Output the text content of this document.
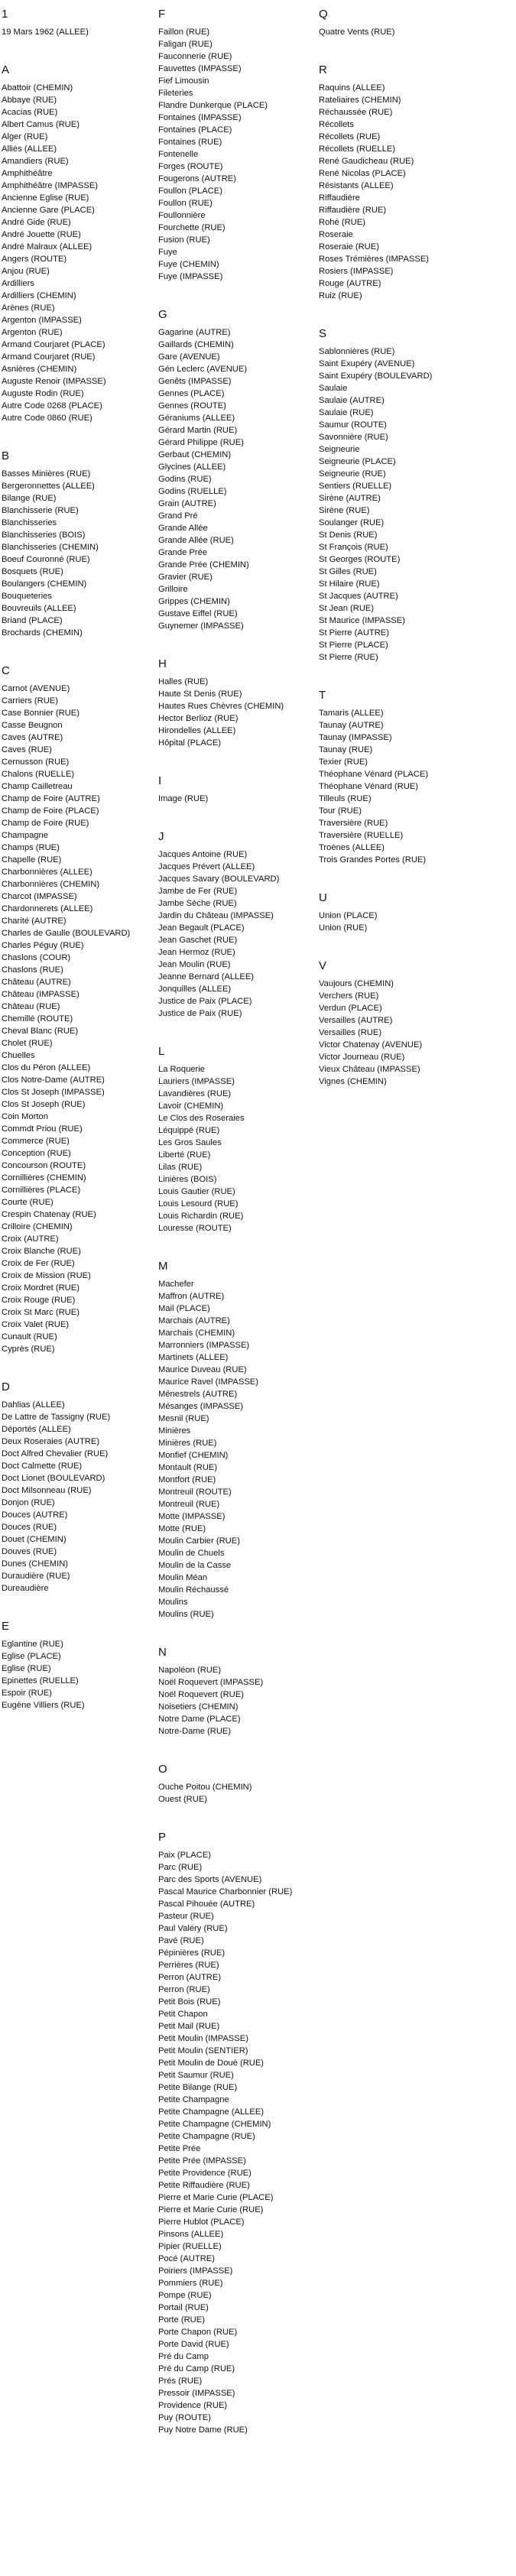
1
19 Mars 1962 (ALLEE)
A
Abattoir (CHEMIN)
Abbaye (RUE)
Acacias (RUE)
Albert Camus (RUE)
Alger (RUE)
Alliés (ALLEE)
Amandiers (RUE)
Amphithéâtre
Amphithéâtre (IMPASSE)
Ancienne Eglise (RUE)
Ancienne Gare (PLACE)
André Gide (RUE)
André Jouette (RUE)
André Malraux (ALLEE)
Angers (ROUTE)
Anjou (RUE)
Ardilliers
Ardilliers (CHEMIN)
Arènes (RUE)
Argenton (IMPASSE)
Argenton (RUE)
Armand Courjaret (PLACE)
Armand Courjaret (RUE)
Asnières (CHEMIN)
Auguste Renoir (IMPASSE)
Auguste Rodin (RUE)
Autre Code 0268 (PLACE)
Autre Code 0860 (RUE)
B
Basses Minières (RUE)
Bergeronnettes (ALLEE)
Bilange (RUE)
Blanchisserie (RUE)
Blanchisseries
Blanchisseries (BOIS)
Blanchisseries (CHEMIN)
Boeuf Couronné (RUE)
Bosquets (RUE)
Boulangers (CHEMIN)
Bouqueteries
Bouvreuils (ALLEE)
Briand (PLACE)
Brochards (CHEMIN)
C
Carnot (AVENUE)
Carriers (RUE)
Case Bonnier (RUE)
Casse Beugnon
Caves (AUTRE)
Caves (RUE)
Cernusson (RUE)
Chalons (RUELLE)
Champ Cailletreau
Champ de Foire (AUTRE)
Champ de Foire (PLACE)
Champ de Foire (RUE)
Champagne
Champs (RUE)
Chapelle (RUE)
Charbonnières (ALLEE)
Charbonnières (CHEMIN)
Charcot (IMPASSE)
Chardonnerets (ALLEE)
Charité (AUTRE)
Charles de Gaulle (BOULEVARD)
Charles Péguy (RUE)
Chaslons (COUR)
Chaslons (RUE)
Château (AUTRE)
Château (IMPASSE)
Château (RUE)
Chemillé (ROUTE)
Cheval Blanc (RUE)
Cholet (RUE)
Chuelles
Clos du Péron (ALLEE)
Clos Notre-Dame (AUTRE)
Clos St Joseph (IMPASSE)
Clos St Joseph (RUE)
Coin Morton
Commdt Priou (RUE)
Commerce (RUE)
Conception (RUE)
Concourson (ROUTE)
Cornillières (CHEMIN)
Cornillières (PLACE)
Courte (RUE)
Crespin Chatenay (RUE)
Crilloire (CHEMIN)
Croix (AUTRE)
Croix Blanche (RUE)
Croix de Fer (RUE)
Croix de Mission (RUE)
Croix Mordret (RUE)
Croix Rouge (RUE)
Croix St Marc (RUE)
Croix Valet (RUE)
Cunault (RUE)
Cyprès (RUE)
D
Dahlias (ALLEE)
De Lattre de Tassigny (RUE)
Déportés (ALLEE)
Deux Roseraies (AUTRE)
Doct Alfred Chevalier (RUE)
Doct Calmette (RUE)
Doct Lionet (BOULEVARD)
Doct Milsonneau (RUE)
Donjon (RUE)
Douces (AUTRE)
Douces (RUE)
Douet (CHEMIN)
Douves (RUE)
Dunes (CHEMIN)
Duraudière (RUE)
Dureaudière
E
Eglantine (RUE)
Eglise (PLACE)
Eglise (RUE)
Epinettes (RUELLE)
Espoir (RUE)
Eugène Villiers (RUE)
F
Faillon (RUE)
Faligan (RUE)
Fauconnerie (RUE)
Fauvettes (IMPASSE)
Fief Limousin
Fileteries
Flandre Dunkerque (PLACE)
Fontaines (IMPASSE)
Fontaines (PLACE)
Fontaines (RUE)
Fontenelle
Forges (ROUTE)
Fougerons (AUTRE)
Foullon (PLACE)
Foullon (RUE)
Foullonnière
Fourchette (RUE)
Fusion (RUE)
Fuye
Fuye (CHEMIN)
Fuye (IMPASSE)
G
Gagarine (AUTRE)
Gaillards (CHEMIN)
Gare (AVENUE)
Gén Leclerc (AVENUE)
Genêts (IMPASSE)
Gennes (PLACE)
Gennes (ROUTE)
Géraniums (ALLEE)
Gérard Martin (RUE)
Gérard Philippe (RUE)
Gerbaut (CHEMIN)
Glycines (ALLEE)
Godins (RUE)
Godins (RUELLE)
Grain (AUTRE)
Grand Pré
Grande Allée
Grande Allée (RUE)
Grande Prée
Grande Prée (CHEMIN)
Gravier (RUE)
Grilloire
Grippes (CHEMIN)
Gustave Eiffel (RUE)
Guynemer (IMPASSE)
H
Halles (RUE)
Haute St Denis (RUE)
Hautes Rues Chèvres (CHEMIN)
Hector Berlioz (RUE)
Hirondelles (ALLEE)
Hôpital (PLACE)
I
Image (RUE)
J
Jacques Antoine (RUE)
Jacques Prévert (ALLEE)
Jacques Savary (BOULEVARD)
Jambe de Fer (RUE)
Jambe Sèche (RUE)
Jardin du Château (IMPASSE)
Jean Begault (PLACE)
Jean Gaschet (RUE)
Jean Hermoz (RUE)
Jean Moulin (RUE)
Jeanne Bernard (ALLEE)
Jonquilles (ALLEE)
Justice de Paix (PLACE)
Justice de Paix (RUE)
L
La Roquerie
Lauriers (IMPASSE)
Lavandières (RUE)
Lavoir (CHEMIN)
Le Clos des Roseraies
Léquippé (RUE)
Les Gros Saules
Liberté (RUE)
Lilas (RUE)
Linières (BOIS)
Louis Gautier (RUE)
Louis Lesourd (RUE)
Louis Richardin (RUE)
Louresse (ROUTE)
M
Machefer
Maffron (AUTRE)
Mail (PLACE)
Marchais (AUTRE)
Marchais (CHEMIN)
Marronniers (IMPASSE)
Martinets (ALLEE)
Maurice Duveau (RUE)
Maurice Ravel (IMPASSE)
Ménestrels (AUTRE)
Mésanges (IMPASSE)
Mesnil (RUE)
Minières
Minières (RUE)
Monfief (CHEMIN)
Montault (RUE)
Montfort (RUE)
Montreuil (ROUTE)
Montreuil (RUE)
Motte (IMPASSE)
Motte (RUE)
Moulin Carbier (RUE)
Moulin de Chuels
Moulin de la Casse
Moulin Méan
Moulin Réchaussé
Moulins
Moulins (RUE)
N
Napoléon (RUE)
Noël Roquevert (IMPASSE)
Noël Roquevert (RUE)
Noisetiers (CHEMIN)
Notre Dame (PLACE)
Notre-Dame (RUE)
O
Ouche Poitou (CHEMIN)
Ouest (RUE)
P
Paix (PLACE)
Parc (RUE)
Parc des Sports (AVENUE)
Pascal Maurice Charbonnier (RUE)
Pascal Pihouée (AUTRE)
Pasteur (RUE)
Paul Valéry (RUE)
Pavé (RUE)
Pépinières (RUE)
Perrières (RUE)
Perron (AUTRE)
Perron (RUE)
Petit Bois (RUE)
Petit Chapon
Petit Mail (RUE)
Petit Moulin (IMPASSE)
Petit Moulin (SENTIER)
Petit Moulin de Doué (RUE)
Petit Saumur (RUE)
Petite Bilange (RUE)
Petite Champagne
Petite Champagne (ALLEE)
Petite Champagne (CHEMIN)
Petite Champagne (RUE)
Petite Prée
Petite Prée (IMPASSE)
Petite Providence (RUE)
Petite Riffaudière (RUE)
Pierre et Marie Curie (PLACE)
Pierre et Marie Curie (RUE)
Pierre Hublot (PLACE)
Pinsons (ALLEE)
Pipier (RUELLE)
Pocé (AUTRE)
Poiriers (IMPASSE)
Pommiers (RUE)
Pompe (RUE)
Portail (RUE)
Porte (RUE)
Porte Chapon (RUE)
Porte David (RUE)
Pré du Camp
Pré du Camp (RUE)
Prés (RUE)
Pressoir (IMPASSE)
Providence (RUE)
Puy (ROUTE)
Puy Notre Dame (RUE)
Q
Quatre Vents (RUE)
R
Raquins (ALLEE)
Rateliaires (CHEMIN)
Réchaussée (RUE)
Récollets
Récollets (RUE)
Récollets (RUELLE)
René Gaudicheau (RUE)
René Nicolas (PLACE)
Résistants (ALLEE)
Riffaudière
Riffaudière (RUE)
Rohé (RUE)
Roseraie
Roseraie (RUE)
Roses Trémières (IMPASSE)
Rosiers (IMPASSE)
Rouge (AUTRE)
Ruiz (RUE)
S
Sablonnières (RUE)
Saint Exupéry (AVENUE)
Saint Exupéry (BOULEVARD)
Saulaie
Saulaie (AUTRE)
Saulaie (RUE)
Saumur (ROUTE)
Savonnière (RUE)
Seigneurie
Seigneurie (PLACE)
Seigneurie (RUE)
Sentiers (RUELLE)
Sirène (AUTRE)
Sirène (RUE)
Soulanger (RUE)
St Denis (RUE)
St François (RUE)
St Georges (ROUTE)
St Gilles (RUE)
St Hilaire (RUE)
St Jacques (AUTRE)
St Jean (RUE)
St Maurice (IMPASSE)
St Pierre (AUTRE)
St Pierre (PLACE)
St Pierre (RUE)
T
Tamaris (ALLEE)
Taunay (AUTRE)
Taunay (IMPASSE)
Taunay (RUE)
Texier (RUE)
Théophane Vénard (PLACE)
Théophane Vénard (RUE)
Tilleuls (RUE)
Tour (RUE)
Traversière (RUE)
Traversière (RUELLE)
Troènes (ALLEE)
Trois Grandes Portes (RUE)
U
Union (PLACE)
Union (RUE)
V
Vaujours (CHEMIN)
Verchers (RUE)
Verdun (PLACE)
Versailles (AUTRE)
Versailles (RUE)
Victor Chatenay (AVENUE)
Victor Journeau (RUE)
Vieux Château (IMPASSE)
Vignes (CHEMIN)
